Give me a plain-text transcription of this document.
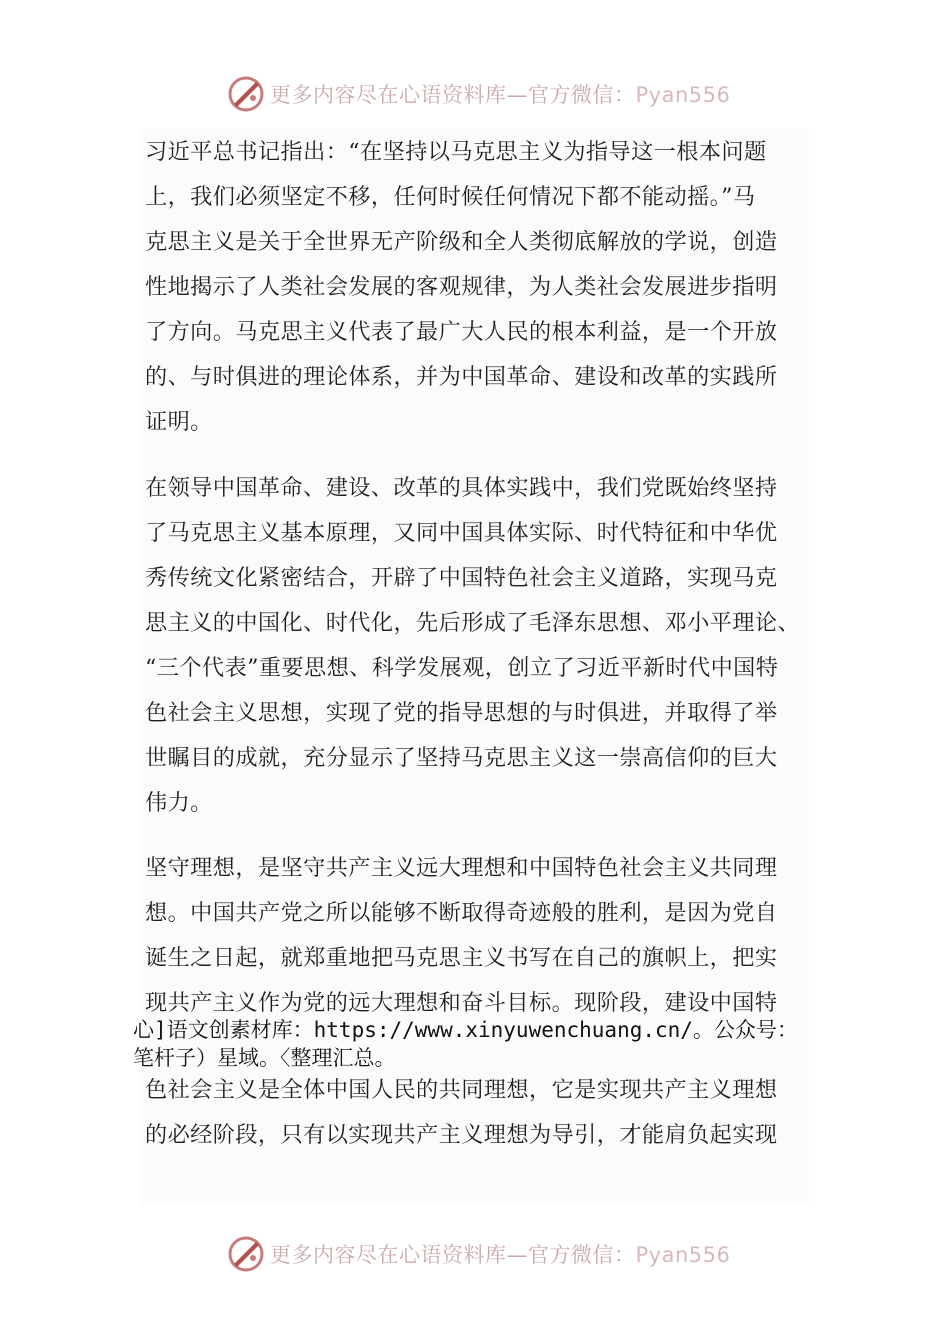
更多内容尽在心语资料库—官方微信：Pyan556
习近平总书记指出：“在坚持以马克思主义为指导这一根本问题
上，我们必须坚定不移，任何时候任何情况下都不能动摇。”马
克思主义是关于全世界无产阶级和全人类彻底解放的学说，创造
性地揭示了人类社会发展的客观规律，为人类社会发展进步指明
了方向。马克思主义代表了最广大人民的根本利益，是一个开放
的、与时俱进的理论体系，并为中国革命、建设和改革的实践所
证明。
在领导中国革命、建设、改革的具体实践中，我们党既始终坚持
了马克思主义基本原理，又同中国具体实际、时代特征和中华优
秀传统文化紧密结合，开辟了中国特色社会主义道路，实现马克
思主义的中国化、时代化，先后形成了毛泽东思想、邓小平理论、
“三个代表”重要思想、科学发展观，创立了习近平新时代中国特
色社会主义思想，实现了党的指导思想的与时俱进，并取得了举
世瞩目的成就，充分显示了坚持马克思主义这一崇高信仰的巨大
伟力。
坚守理想，是坚守共产主义远大理想和中国特色社会主义共同理
想。中国共产党之所以能够不断取得奇迹般的胜利，是因为党自
诞生之日起，就郑重地把马克思主义书写在自己的旗帜上，把实
现共产主义作为党的远大理想和奋斗目标。现阶段，建设中国特
心]语文创素材库：https://www.xinyuwenchuang.cn/。公众号：
笔杆子）星域。〈整理汇总。
色社会主义是全体中国人民的共同理想，它是实现共产主义理想
的必经阶段，只有以实现共产主义理想为导引，才能肩负起实现
更多内容尽在心语资料库—官方微信：Pyan556
